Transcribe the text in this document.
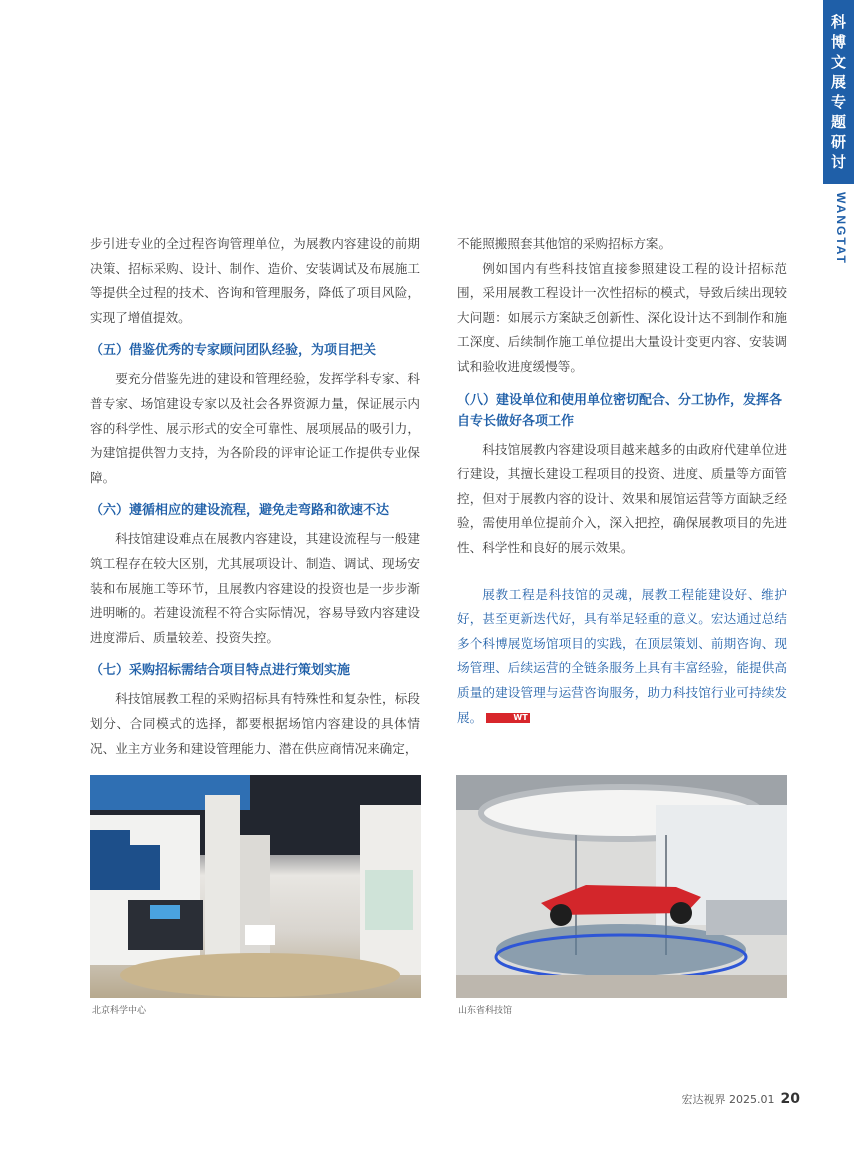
科
博
文
展
专
题
研
讨
WANGTAT

步引进专业的全过程咨询管理单位，为展教内容建设的前期决策、招标采购、设计、制作、造价、安装调试及布展施工等提供全过程的技术、咨询和管理服务，降低了项目风险，实现了增值提效。

（五）借鉴优秀的专家顾问团队经验，为项目把关

要充分借鉴先进的建设和管理经验，发挥学科专家、科普专家、场馆建设专家以及社会各界资源力量，保证展示内容的科学性、展示形式的安全可靠性、展项展品的吸引力，为建馆提供智力支持，为各阶段的评审论证工作提供专业保障。

（六）遵循相应的建设流程，避免走弯路和欲速不达

科技馆建设难点在展教内容建设，其建设流程与一般建筑工程存在较大区别，尤其展项设计、制造、调试、现场安装和布展施工等环节，且展教内容建设的投资也是一步步渐进明晰的。若建设流程不符合实际情况，容易导致内容建设进度滞后、质量较差、投资失控。

（七）采购招标需结合项目特点进行策划实施

科技馆展教工程的采购招标具有特殊性和复杂性，标段划分、合同模式的选择，都要根据场馆内容建设的具体情况、业主方业务和建设管理能力、潜在供应商情况来确定，

不能照搬照套其他馆的采购招标方案。

例如国内有些科技馆直接参照建设工程的设计招标范围，采用展教工程设计一次性招标的模式，导致后续出现较大问题：如展示方案缺乏创新性、深化设计达不到制作和施工深度、后续制作施工单位提出大量设计变更内容、安装调试和验收进度缓慢等。

（八）建设单位和使用单位密切配合、分工协作，发挥各自专长做好各项工作

科技馆展教内容建设项目越来越多的由政府代建单位进行建设，其擅长建设工程项目的投资、进度、质量等方面管控，但对于展教内容的设计、效果和展馆运营等方面缺乏经验，需使用单位提前介入，深入把控，确保展教项目的先进性、科学性和良好的展示效果。

展教工程是科技馆的灵魂，展教工程能建设好、维护好，甚至更新迭代好，具有举足轻重的意义。宏达通过总结多个科博展览场馆项目的实践，在顶层策划、前期咨询、现场管理、后续运营的全链条服务上具有丰富经验，能提供高质量的建设管理与运营咨询服务，助力科技馆行业可持续发展。	WT

北京科学中心	山东省科技馆
宏达视界 2025.01 20
